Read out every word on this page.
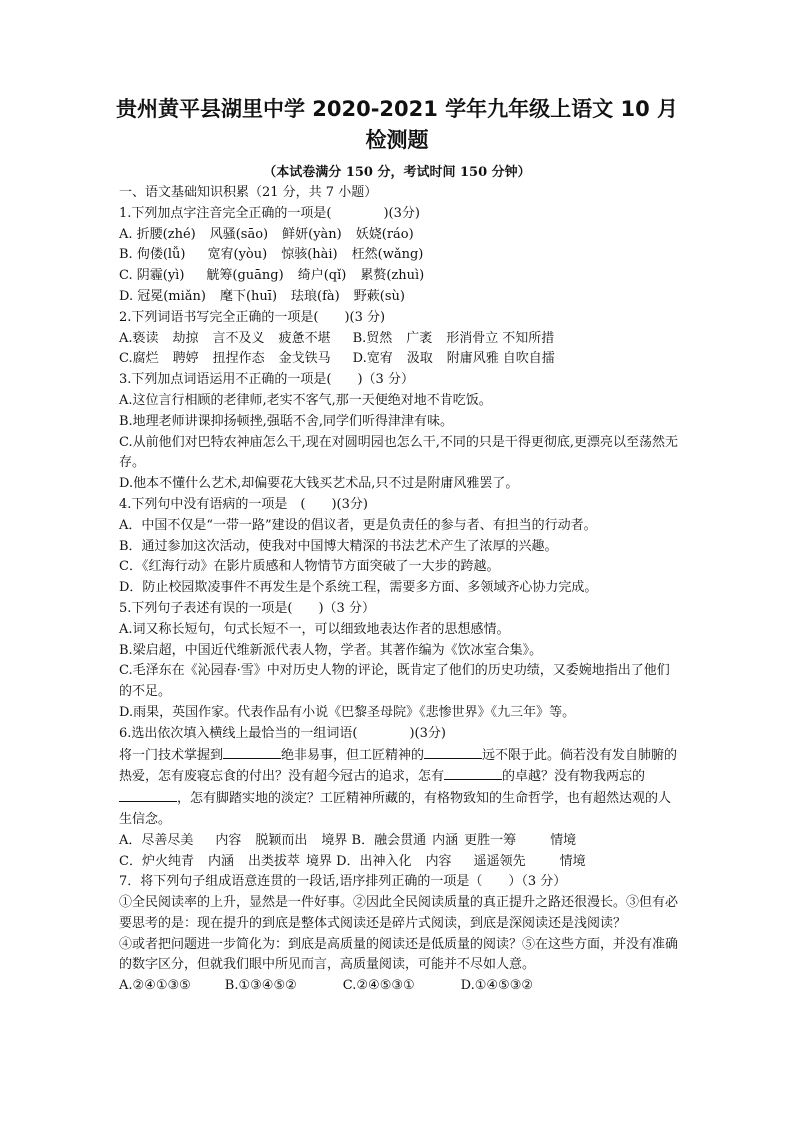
贵州黄平县湖里中学 2020-2021 学年九年级上语文 10 月检测题
（本试卷满分 150 分，考试时间 150 分钟）
一、语文基础知识积累（21 分，共 7 小题）
1.下列加点字注音完全正确的一项是(　　　　)(3分)
A. 折腰(zhé) 风骚(sāo) 鲜妍(yàn) 妖娆(ráo)
B. 佝偻(lǚ) 宽宥(yòu) 惊骇(hài) 枉然(wǎng)
C. 阴霾(yì) 觥筹(guāng) 绮户(qǐ) 累赘(zhuì)
D. 冠冕(miǎn) 麾下(huī) 珐琅(fà) 野蔌(sù)
2.下列词语书写完全正确的一项是(　　)(3 分)
A.亵读 劫掠 言不及义 疲惫不堪 B.贸然 广袤 形消骨立 不知所措
C.腐烂 聘婷 扭捏作态 金戈铁马 D.宽宥 汲取 附庸风雅 自吹自擂
3.下列加点词语运用不正确的一项是(　　)（3 分）
A.这位言行相顾的老律师,老实不客气,那一天便绝对地不肯吃饭。
B.地理老师讲课抑扬顿挫,强聒不舍,同学们听得津津有味。
C.从前他们对巴特农神庙怎么干,现在对圆明园也怎么干,不同的只是干得更彻底,更漂亮以至荡然无存。
D.他本不懂什么艺术,却偏要花大钱买艺术品,只不过是附庸风雅罢了。
4.下列句中没有语病的一项是　(　　)(3分)
A．中国不仅是“一带一路”建设的倡议者，更是负责任的参与者、有担当的行动者。
B．通过参加这次活动，使我对中国博大精深的书法艺术产生了浓厚的兴趣。
C．《红海行动》在影片质感和人物情节方面突破了一大步的跨越。
D．防止校园欺凌事件不再发生是个系统工程，需要多方面、多领域齐心协力完成。
5.下列句子表述有误的一项是(　　)（3 分）
A.词又称长短句，句式长短不一，可以细致地表达作者的思想感情。
B.梁启超，中国近代维新派代表人物，学者。其著作编为《饮冰室合集》。
C.毛泽东在《沁园春·雪》中对历史人物的评论，既肯定了他们的历史功绩，又委婉地指出了他们的不足。
D.雨果，英国作家。代表作品有小说《巴黎圣母院》《悲惨世界》《九三年》等。
6.选出依次填入横线上最恰当的一组词语(　　　　)(3分)
将一门技术掌握到	绝非易事，但工匠精神的	远不限于此。倘若没有发自肺腑的热爱，怎有废寝忘食的付出？没有超今冠古的追求，怎有	的卓越？没有物我两忘的，怎有脚踏实地的淡定？工匠精神所藏的，有格物致知的生命哲学，也有超然达观的人生信念。
A．尽善尽美 内容 脱颖而出 境界 B．融会贯通 内涵 更胜一筹	情境
C．炉火纯青 内涵 出类拔萃 境界 D．出神入化 内容 遥遥领先	情境
7．将下列句子组成语意连贯的一段话,语序排列正确的一项是（　　）（3 分）
①全民阅读率的上升，显然是一件好事。②因此全民阅读质量的真正提升之路还很漫长。③但有必要思考的是：现在提升的到底是整体式阅读还是碎片式阅读，到底是深阅读还是浅阅读？
④或者把问题进一步简化为：到底是高质量的阅读还是低质量的阅读？⑤在这些方面，并没有准确的数字区分，但就我们眼中所见而言，高质量阅读，可能并不尽如人意。
A.②④①③⑤	B.①③④⑤②	C.②④⑤③①	D.①④⑤③②
